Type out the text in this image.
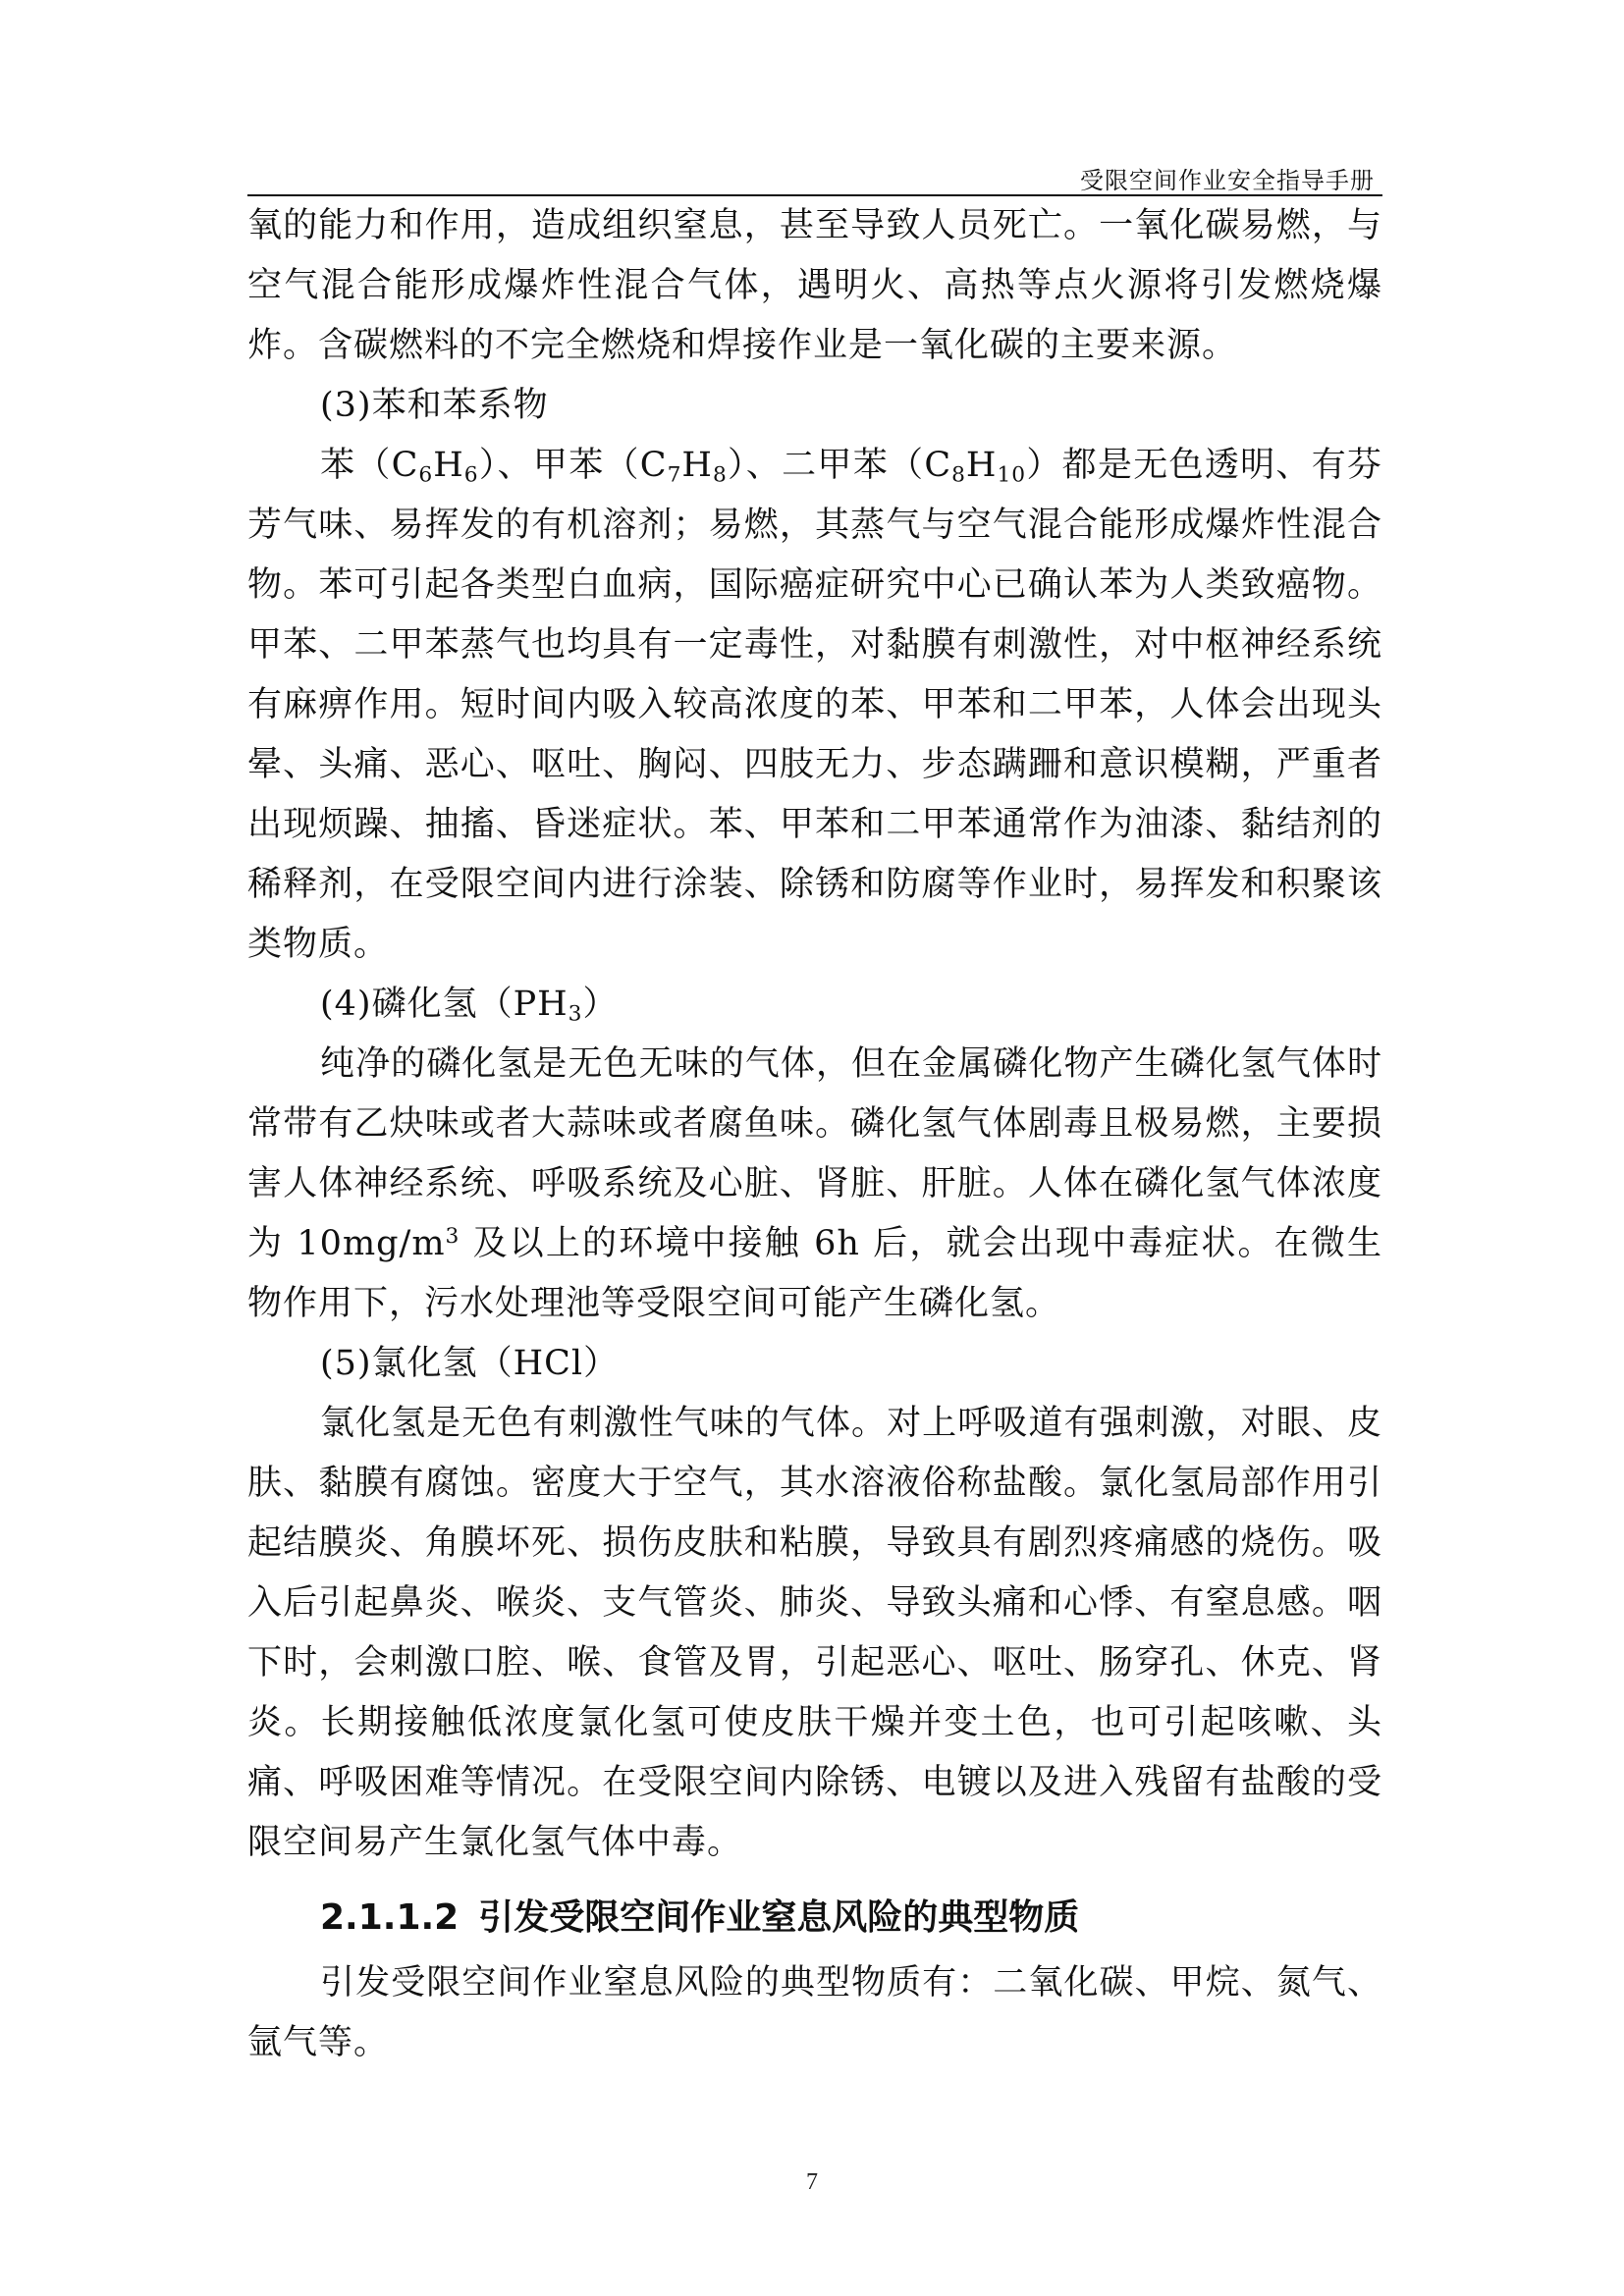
受限空间作业安全指导手册

氧的能力和作用，造成组织窒息，甚至导致人员死亡。一氧化碳易燃，与空气混合能形成爆炸性混合气体，遇明火、高热等点火源将引发燃烧爆炸。含碳燃料的不完全燃烧和焊接作业是一氧化碳的主要来源。

(3)苯和苯系物

苯$(C_6H_6)$、甲苯$(C_7H_8)$、二甲苯$(C_8H_{10})$都是无色透明、有芬芳气味、易挥发的有机溶剂；易燃，其蒸气与空气混合能形成爆炸性混合物。苯可引起各类型白血病，国际癌症研究中心已确认苯为人类致癌物。甲苯、二甲苯蒸气也均具有一定毒性，对黏膜有刺激性，对中枢神经系统有麻痹作用。短时间内吸入较高浓度的苯、甲苯和二甲苯，人体会出现头晕、头痛、恶心、呕吐、胸闷、四肢无力、步态蹒跚和意识模糊，严重者出现烦躁、抽搐、昏迷症状。苯、甲苯和二甲苯通常作为油漆、黏结剂的稀释剂，在受限空间内进行涂装、除锈和防腐等作业时，易挥发和积聚该类物质。

(4)磷化氢$(PH_3)$

纯净的磷化氢是无色无味的气体，但在金属磷化物产生磷化氢气体时常带有乙炔味或者大蒜味或者腐鱼味。磷化氢气体剧毒且极易燃，主要损害人体神经系统、呼吸系统及心脏、肾脏、肝脏。人体在磷化氢气体浓度为 $10mg/m^3$ 及以上的环境中接触 6h 后，就会出现中毒症状。在微生物作用下，污水处理池等受限空间可能产生磷化氢。

(5)氯化氢（HCl）

氯化氢是无色有刺激性气味的气体。对上呼吸道有强刺激，对眼、皮肤、黏膜有腐蚀。密度大于空气，其水溶液俗称盐酸。氯化氢局部作用引起结膜炎、角膜坏死、损伤皮肤和粘膜，导致具有剧烈疼痛感的烧伤。吸入后引起鼻炎、喉炎、支气管炎、肺炎、导致头痛和心悸、有窒息感。咽下时，会刺激口腔、喉、食管及胃，引起恶心、呕吐、肠穿孔、休克、肾炎。长期接触低浓度氯化氢可使皮肤干燥并变土色，也可引起咳嗽、头痛、呼吸困难等情况。在受限空间内除锈、电镀以及进入残留有盐酸的受限空间易产生氯化氢气体中毒。

2.1.1.2 引发受限空间作业窒息风险的典型物质

引发受限空间作业窒息风险的典型物质有：二氧化碳、甲烷、氮气、氩气等。

7
